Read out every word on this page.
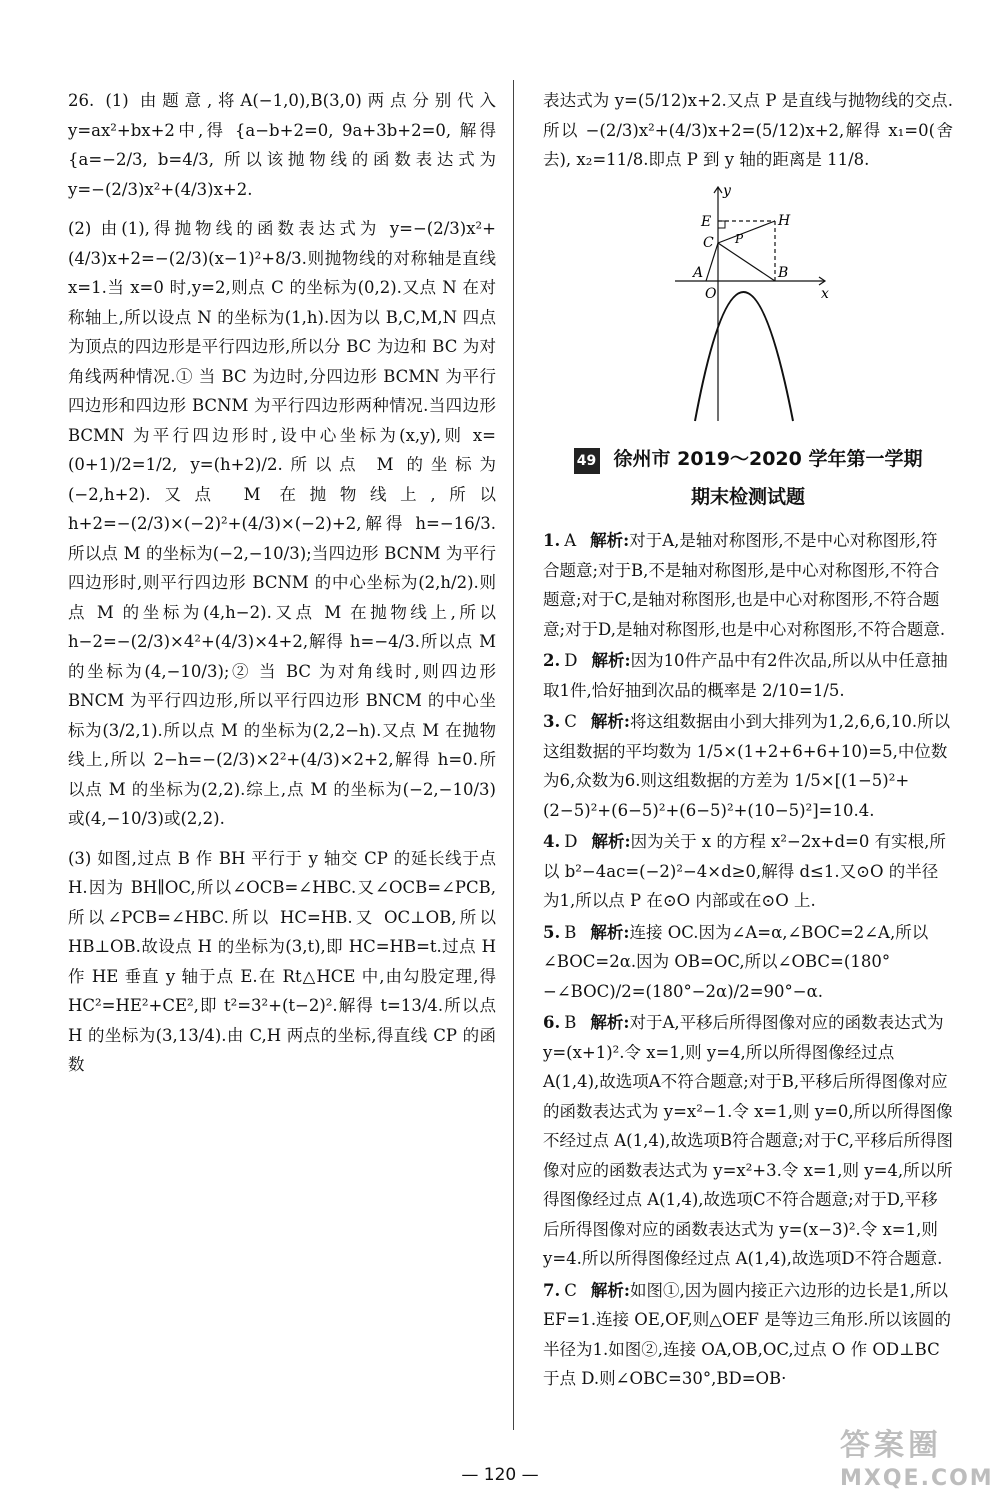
26. (1) 由题意,将A(−1,0),B(3,0)两点分别代入y=ax²+bx+2中,得 {a−b+2=0, 9a+3b+2=0, 解得 {a=−2/3, b=4/3, 所以该抛物线的函数表达式为 y=−(2/3)x²+(4/3)x+2.

(2) 由(1),得抛物线的函数表达式为 y=−(2/3)x²+(4/3)x+2=−(2/3)(x−1)²+8/3.则抛物线的对称轴是直线 x=1.当 x=0 时,y=2,则点 C 的坐标为(0,2).又点 N 在对称轴上,所以设点 N 的坐标为(1,h).因为以 B,C,M,N 四点为顶点的四边形是平行四边形,所以分 BC 为边和 BC 为对角线两种情况.① 当 BC 为边时,分四边形 BCMN 为平行四边形和四边形 BCNM 为平行四边形两种情况.当四边形 BCMN 为平行四边形时,设中心坐标为(x,y),则 x=(0+1)/2=1/2, y=(h+2)/2.所以点 M 的坐标为(−2,h+2).又点 M 在抛物线上,所以 h+2=−(2/3)×(−2)²+(4/3)×(−2)+2,解得 h=−16/3.所以点 M 的坐标为(−2,−10/3);当四边形 BCNM 为平行四边形时,则平行四边形 BCNM 的中心坐标为(2,h/2).则点 M 的坐标为(4,h−2).又点 M 在抛物线上,所以 h−2=−(2/3)×4²+(4/3)×4+2,解得 h=−4/3.所以点 M 的坐标为(4,−10/3);② 当 BC 为对角线时,则四边形 BNCM 为平行四边形,所以平行四边形 BNCM 的中心坐标为(3/2,1).所以点 M 的坐标为(2,2−h).又点 M 在抛物线上,所以 2−h=−(2/3)×2²+(4/3)×2+2,解得 h=0.所以点 M 的坐标为(2,2).综上,点 M 的坐标为(−2,−10/3)或(4,−10/3)或(2,2).

(3) 如图,过点 B 作 BH 平行于 y 轴交 CP 的延长线于点 H.因为 BH∥OC,所以∠OCB=∠HBC.又∠OCB=∠PCB,所以∠PCB=∠HBC.所以 HC=HB.又 OC⊥OB,所以 HB⊥OB.故设点 H 的坐标为(3,t),即 HC=HB=t.过点 H 作 HE 垂直 y 轴于点 E.在 Rt△HCE 中,由勾股定理,得 HC²=HE²+CE²,即 t²=3²+(t−2)².解得 t=13/4.所以点 H 的坐标为(3,13/4).由 C,H 两点的坐标,得直线 CP 的函数

表达式为 y=(5/12)x+2.又点 P 是直线与抛物线的交点.所以 −(2/3)x²+(4/3)x+2=(5/12)x+2,解得 x₁=0(舍去), x₂=11/8.即点 P 到 y 轴的距离是 11/8.

y
x
E	H
C P
A
O
B
49 徐州市 2019～2020 学年第一学期
期末检测试题
1. A 解析:对于A,是轴对称图形,不是中心对称图形,符合题意;对于B,不是轴对称图形,是中心对称图形,不符合题意;对于C,是轴对称图形,也是中心对称图形,不符合题意;对于D,是轴对称图形,也是中心对称图形,不符合题意.
2. D 解析:因为10件产品中有2件次品,所以从中任意抽取1件,恰好抽到次品的概率是 2/10=1/5.
3. C 解析:将这组数据由小到大排列为1,2,6,6,10.所以这组数据的平均数为 1/5×(1+2+6+6+10)=5,中位数为6,众数为6.则这组数据的方差为 1/5×[(1−5)²+(2−5)²+(6−5)²+(6−5)²+(10−5)²]=10.4.
4. D 解析:因为关于 x 的方程 x²−2x+d=0 有实根,所以 b²−4ac=(−2)²−4×d≥0,解得 d≤1.又⊙O 的半径为1,所以点 P 在⊙O 内部或在⊙O 上.
5. B 解析:连接 OC.因为∠A=α,∠BOC=2∠A,所以∠BOC=2α.因为 OB=OC,所以∠OBC=(180°−∠BOC)/2=(180°−2α)/2=90°−α.
6. B 解析:对于A,平移后所得图像对应的函数表达式为 y=(x+1)².令 x=1,则 y=4,所以所得图像经过点 A(1,4),故选项A不符合题意;对于B,平移后所得图像对应的函数表达式为 y=x²−1.令 x=1,则 y=0,所以所得图像不经过点 A(1,4),故选项B符合题意;对于C,平移后所得图像对应的函数表达式为 y=x²+3.令 x=1,则 y=4,所以所得图像经过点 A(1,4),故选项C不符合题意;对于D,平移后所得图像对应的函数表达式为 y=(x−3)².令 x=1,则 y=4.所以所得图像经过点 A(1,4),故选项D不符合题意.
7. C 解析:如图①,因为圆内接正六边形的边长是1,所以 EF=1.连接 OE,OF,则△OEF 是等边三角形.所以该圆的半径为1.如图②,连接 OA,OB,OC,过点 O 作 OD⊥BC 于点 D.则∠OBC=30°,BD=OB·
— 120 —
答案圈
MXQE.COM
